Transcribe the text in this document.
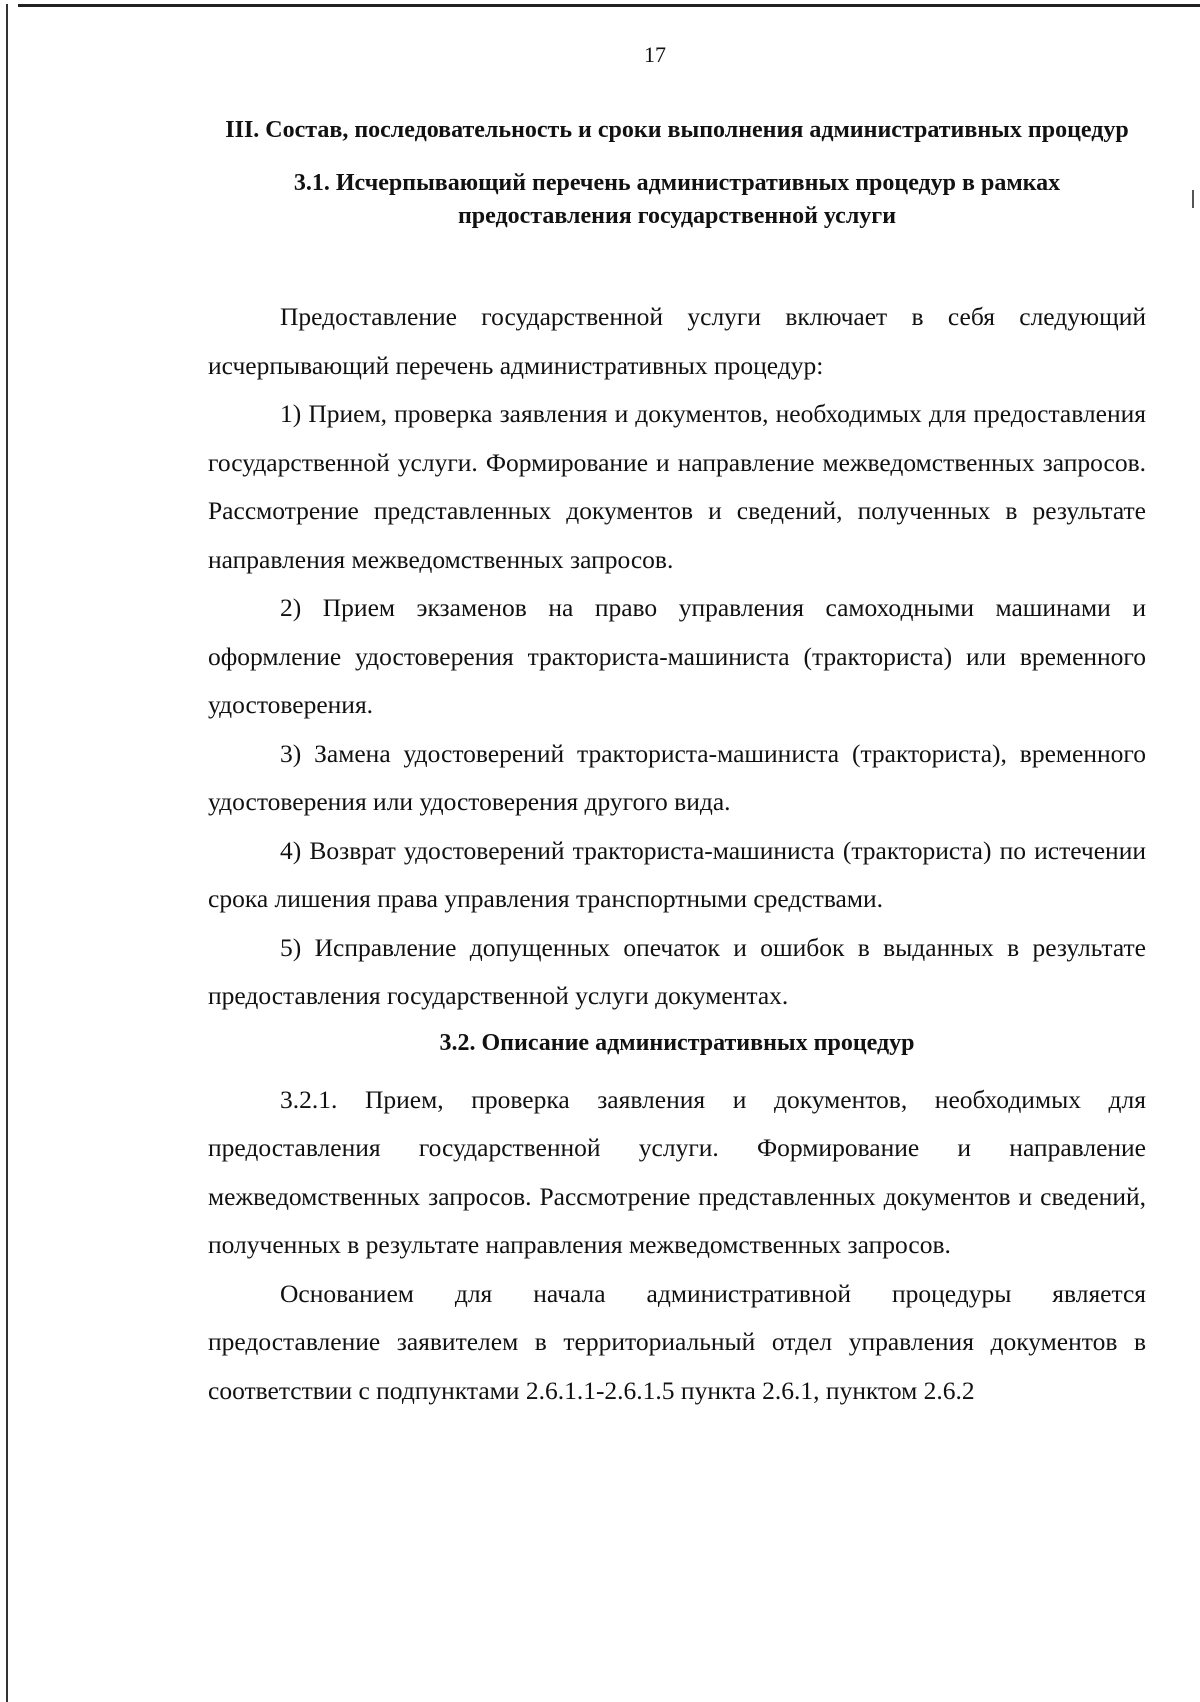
17
III. Состав, последовательность и сроки выполнения административных процедур
3.1. Исчерпывающий перечень административных процедур в рамках предоставления государственной услуги

Предоставление государственной услуги включает в себя следующий исчерпывающий перечень административных процедур:

1) Прием, проверка заявления и документов, необходимых для предоставления государственной услуги. Формирование и направление межведомственных запросов. Рассмотрение представленных документов и сведений, полученных в результате направления межведомственных запросов.

2) Прием экзаменов на право управления самоходными машинами и оформление удостоверения тракториста-машиниста (тракториста) или временного удостоверения.

3) Замена удостоверений тракториста-машиниста (тракториста), временного удостоверения или удостоверения другого вида.

4) Возврат удостоверений тракториста-машиниста (тракториста) по истечении срока лишения права управления транспортными средствами.

5) Исправление допущенных опечаток и ошибок в выданных в результате предоставления государственной услуги документах.

3.2. Описание административных процедур

3.2.1. Прием, проверка заявления и документов, необходимых для предоставления государственной услуги. Формирование и направление межведомственных запросов. Рассмотрение представленных документов и сведений, полученных в результате направления межведомственных запросов.

Основанием для начала административной процедуры является предоставление заявителем в территориальный отдел управления документов в соответствии с подпунктами 2.6.1.1-2.6.1.5 пункта 2.6.1, пунктом 2.6.2
